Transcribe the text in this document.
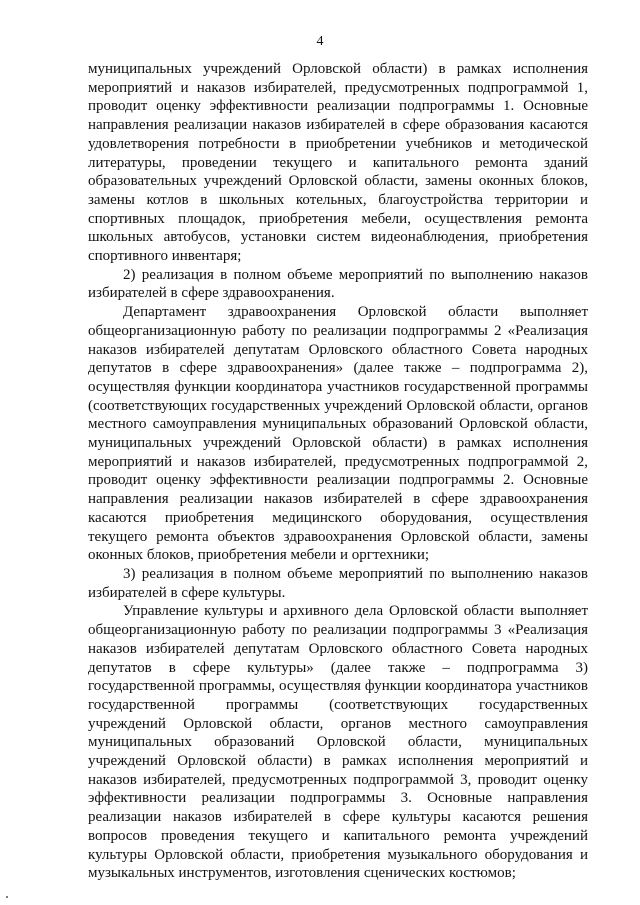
4

муниципальных учреждений Орловской области) в рамках исполнения мероприятий и наказов избирателей, предусмотренных подпрограммой 1, проводит оценку эффективности реализации подпрограммы 1. Основные направления реализации наказов избирателей в сфере образования касаются удовлетворения потребности в приобретении учебников и методической литературы, проведении текущего и капитального ремонта зданий образовательных учреждений Орловской области, замены оконных блоков, замены котлов в школьных котельных, благоустройства территории и спортивных площадок, приобретения мебели, осуществления ремонта школьных автобусов, установки систем видеонаблюдения, приобретения спортивного инвентаря;

2) реализация в полном объеме мероприятий по выполнению наказов избирателей в сфере здравоохранения.

Департамент здравоохранения Орловской области выполняет общеорганизационную работу по реализации подпрограммы 2 «Реализация наказов избирателей депутатам Орловского областного Совета народных депутатов в сфере здравоохранения» (далее также – подпрограмма 2), осуществляя функции координатора участников государственной программы (соответствующих государственных учреждений Орловской области, органов местного самоуправления муниципальных образований Орловской области, муниципальных учреждений Орловской области) в рамках исполнения мероприятий и наказов избирателей, предусмотренных подпрограммой 2, проводит оценку эффективности реализации подпрограммы 2. Основные направления реализации наказов избирателей в сфере здравоохранения касаются приобретения медицинского оборудования, осуществления текущего ремонта объектов здравоохранения Орловской области, замены оконных блоков, приобретения мебели и оргтехники;

3) реализация в полном объеме мероприятий по выполнению наказов избирателей в сфере культуры.

Управление культуры и архивного дела Орловской области выполняет общеорганизационную работу по реализации подпрограммы 3 «Реализация наказов избирателей депутатам Орловского областного Совета народных депутатов в сфере культуры» (далее также – подпрограмма 3) государственной программы, осуществляя функции координатора участников государственной программы (соответствующих государственных учреждений Орловской области, органов местного самоуправления муниципальных образований Орловской области, муниципальных учреждений Орловской области) в рамках исполнения мероприятий и наказов избирателей, предусмотренных подпрограммой 3, проводит оценку эффективности реализации подпрограммы 3. Основные направления реализации наказов избирателей в сфере культуры касаются решения вопросов проведения текущего и капитального ремонта учреждений культуры Орловской области, приобретения музыкального оборудования и музыкальных инструментов, изготовления сценических костюмов;
